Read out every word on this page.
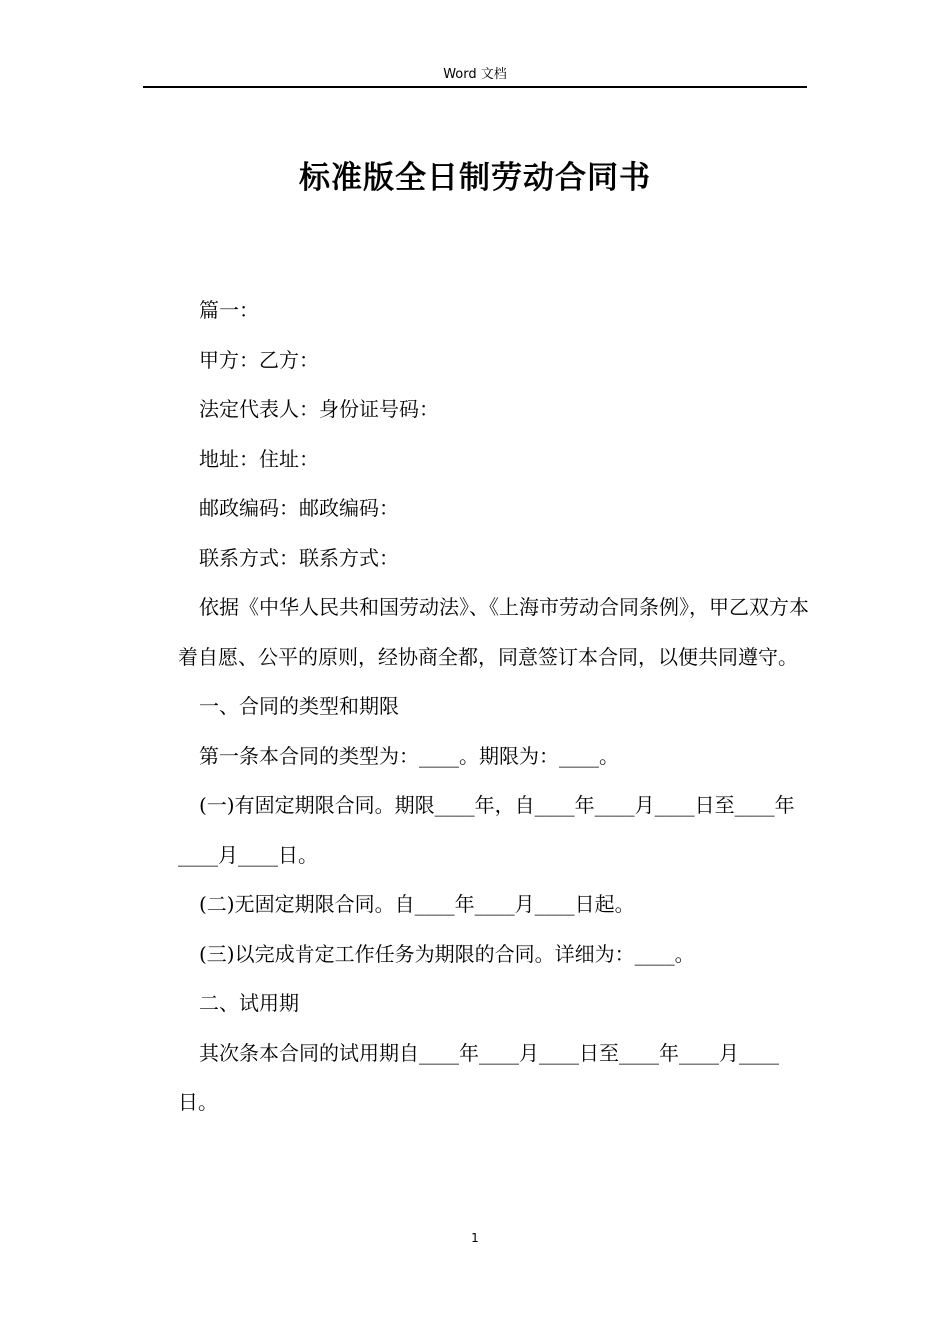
Word 文档
标准版全日制劳动合同书

篇一：

甲方：乙方：

法定代表人：身份证号码：

地址：住址：

邮政编码：邮政编码：

联系方式：联系方式：

依据《中华人民共和国劳动法》、《上海市劳动合同条例》，甲乙双方本着自愿、公平的原则，经协商全都，同意签订本合同，以便共同遵守。

一、合同的类型和期限

第一条本合同的类型为：____。期限为：____。

(一)有固定期限合同。期限____年，自____年____月____日至____年____月____日。

(二)无固定期限合同。自____年____月____日起。

(三)以完成肯定工作任务为期限的合同。详细为：____。

二、试用期

其次条本合同的试用期自____年____月____日至____年____月____日。

1
